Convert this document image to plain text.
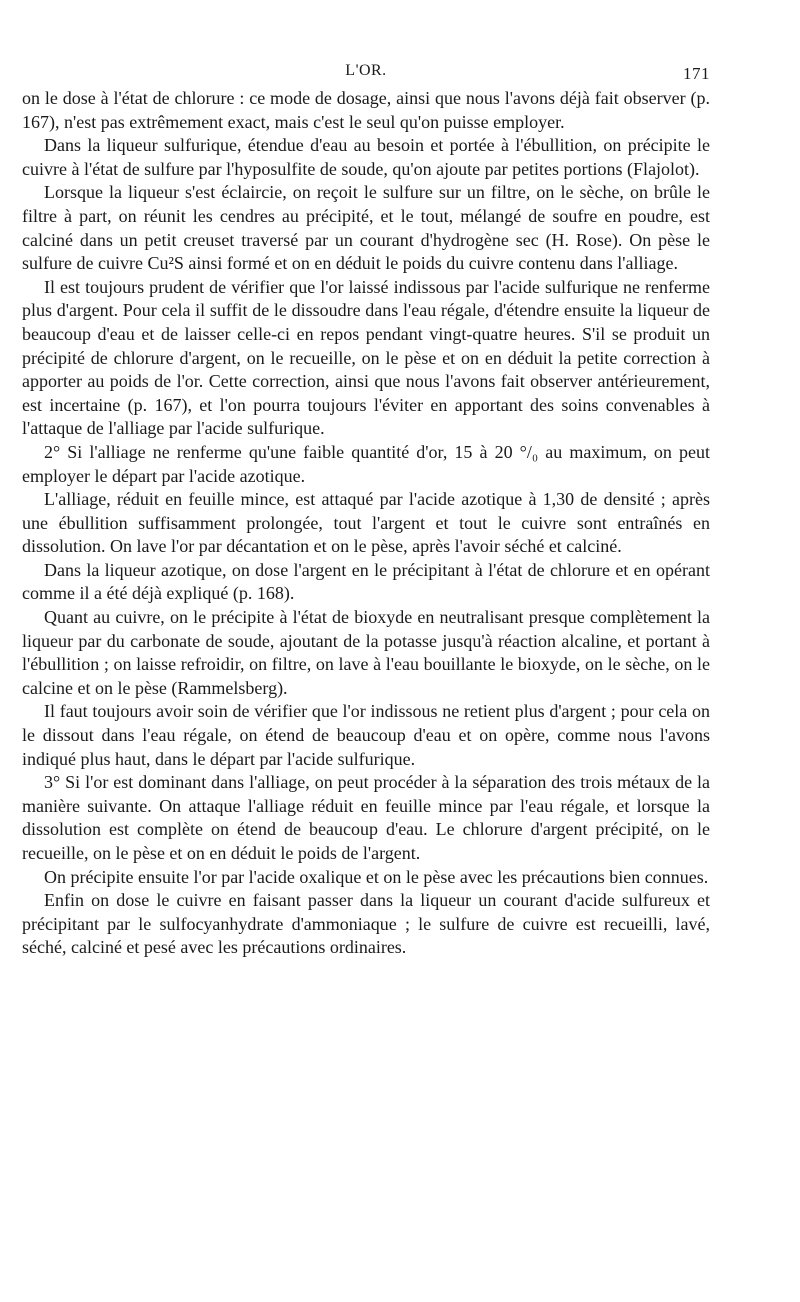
L'OR.	171

on le dose à l'état de chlorure : ce mode de dosage, ainsi que nous l'avons déjà fait observer (p. 167), n'est pas extrêmement exact, mais c'est le seul qu'on puisse employer.

Dans la liqueur sulfurique, étendue d'eau au besoin et portée à l'ébullition, on précipite le cuivre à l'état de sulfure par l'hyposulfite de soude, qu'on ajoute par petites portions (Flajolot).

Lorsque la liqueur s'est éclaircie, on reçoit le sulfure sur un filtre, on le sèche, on brûle le filtre à part, on réunit les cendres au précipité, et le tout, mélangé de soufre en poudre, est calciné dans un petit creuset traversé par un courant d'hydrogène sec (H. Rose). On pèse le sulfure de cuivre Cu²S ainsi formé et on en déduit le poids du cuivre contenu dans l'alliage.

Il est toujours prudent de vérifier que l'or laissé indissous par l'acide sulfurique ne renferme plus d'argent. Pour cela il suffit de le dissoudre dans l'eau régale, d'étendre ensuite la liqueur de beaucoup d'eau et de laisser celle-ci en repos pendant vingt-quatre heures. S'il se produit un précipité de chlorure d'argent, on le recueille, on le pèse et on en déduit la petite correction à apporter au poids de l'or. Cette correction, ainsi que nous l'avons fait observer antérieurement, est incertaine (p. 167), et l'on pourra toujours l'éviter en apportant des soins convenables à l'attaque de l'alliage par l'acide sulfurique.

2° Si l'alliage ne renferme qu'une faible quantité d'or, 15 à 20 °/₀ au maximum, on peut employer le départ par l'acide azotique.

L'alliage, réduit en feuille mince, est attaqué par l'acide azotique à 1,30 de densité ; après une ébullition suffisamment prolongée, tout l'argent et tout le cuivre sont entraînés en dissolution. On lave l'or par décantation et on le pèse, après l'avoir séché et calciné.

Dans la liqueur azotique, on dose l'argent en le précipitant à l'état de chlorure et en opérant comme il a été déjà expliqué (p. 168).

Quant au cuivre, on le précipite à l'état de bioxyde en neutralisant presque complètement la liqueur par du carbonate de soude, ajoutant de la potasse jusqu'à réaction alcaline, et portant à l'ébullition ; on laisse refroidir, on filtre, on lave à l'eau bouillante le bioxyde, on le sèche, on le calcine et on le pèse (Rammelsberg).

Il faut toujours avoir soin de vérifier que l'or indissous ne retient plus d'argent ; pour cela on le dissout dans l'eau régale, on étend de beaucoup d'eau et on opère, comme nous l'avons indiqué plus haut, dans le départ par l'acide sulfurique.

3° Si l'or est dominant dans l'alliage, on peut procéder à la séparation des trois métaux de la manière suivante. On attaque l'alliage réduit en feuille mince par l'eau régale, et lorsque la dissolution est complète on étend de beaucoup d'eau. Le chlorure d'argent précipité, on le recueille, on le pèse et on en déduit le poids de l'argent.

On précipite ensuite l'or par l'acide oxalique et on le pèse avec les précautions bien connues.

Enfin on dose le cuivre en faisant passer dans la liqueur un courant d'acide sulfureux et précipitant par le sulfocyanhydrate d'ammoniaque ; le sulfure de cuivre est recueilli, lavé, séché, calciné et pesé avec les précautions ordinaires.
